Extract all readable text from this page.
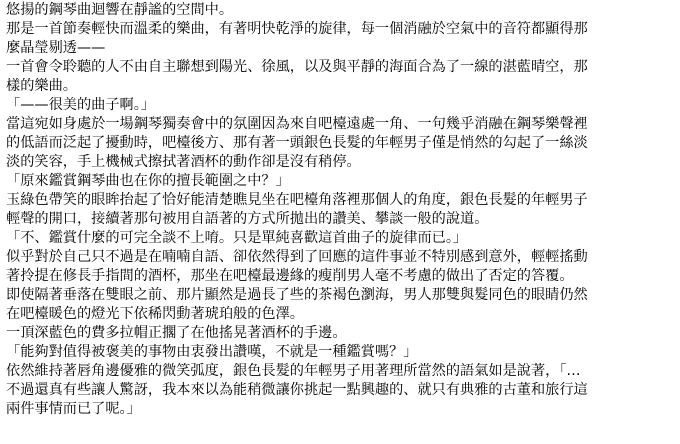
悠揚的鋼琴曲迴響在靜謐的空間中。
那是一首節奏輕快而溫柔的樂曲，有著明快乾淨的旋律，每一個消融於空氣中的音符都顯得那
麼晶瑩剔透——
一首會令聆聽的人不由自主聯想到陽光、徐風，以及與平靜的海面合為了一線的湛藍晴空，那
樣的樂曲。
「——很美的曲子啊。」
當這宛如身處於一場鋼琴獨奏會中的氛圍因為來自吧檯遠處一角、一句幾乎消融在鋼琴樂聲裡
的低語而泛起了擾動時，吧檯後方、那有著一頭銀色長髮的年輕男子僅是悄然的勾起了一絲淡
淡的笑容，手上機械式擦拭著酒杯的動作卻是沒有稍停。
「原來鑑賞鋼琴曲也在你的擅長範圍之中？」
玉綠色帶笑的眼眸抬起了恰好能清楚瞧見坐在吧檯角落裡那個人的角度，銀色長髮的年輕男子
輕聲的開口，接續著那句被用自語著的方式所拋出的讚美、攀談一般的說道。
「不、鑑賞什麼的可完全談不上唷。只是單純喜歡這首曲子的旋律而已。」
似乎對於自己只不過是在喃喃自語、卻依然得到了回應的這件事並不特別感到意外，輕輕搖動
著拎提在修長手指間的酒杯，那坐在吧檯最邊緣的瘦削男人毫不考慮的做出了否定的答覆。
即使隔著垂落在雙眼之前、那片顯然是過長了些的茶褐色瀏海，男人那雙與髮同色的眼睛仍然
在吧檯暖色的燈光下依稀閃動著琥珀般的色澤。
一頂深藍色的費多拉帽正擱了在他搖晃著酒杯的手邊。
「能夠對值得被褒美的事物由衷發出讚嘆，不就是一種鑑賞嗎？」
依然維持著唇角邊優雅的微笑弧度，銀色長髮的年輕男子用著理所當然的語氣如是說著，「…
不過還真有些讓人驚訝，我本來以為能稍微讓你挑起一點興趣的、就只有典雅的古董和旅行這
兩件事情而已了呢。」
